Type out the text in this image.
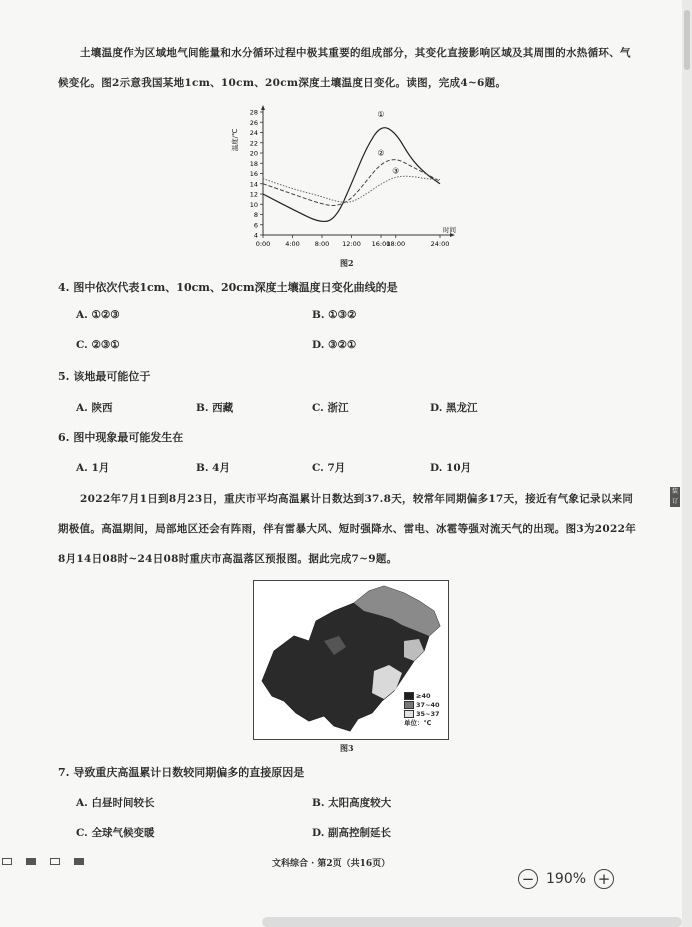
土壤温度作为区域地气间能量和水分循环过程中极其重要的组成部分，其变化直接影响区域及其周围的水热循环、气候变化。图2示意我国某地1cm、10cm、20cm深度土壤温度日变化。读图，完成4~6题。
4
6
8
10
12
14
16
18
20
22
24
26
28
0:00 4:00 8:00 12:00 16:00
18:00	24:00
温度/℃
时间
①
②
③
图2
4. 图中依次代表1cm、10cm、20cm深度土壤温度日变化曲线的是
A. ①②③	B. ①③②
C. ②③①	D. ③②①
5. 该地最可能位于
A. 陕西	B. 西藏	C. 浙江	D. 黑龙江
6. 图中现象最可能发生在
A. 1月	B. 4月	C. 7月	D. 10月
2022年7月1日到8月23日，重庆市平均高温累计日数达到37.8天，较常年同期偏多17天，接近有气象记录以来同期极值。高温期间，局部地区还会有阵雨，伴有雷暴大风、短时强降水、雷电、冰雹等强对流天气的出现。图3为2022年8月14日08时~24日08时重庆市高温落区预报图。据此完成7~9题。
≥40
37~40
35~37
单位：℃
图3
7. 导致重庆高温累计日数较同期偏多的直接原因是
A. 白昼时间较长	B. 太阳高度较大
C. 全球气候变暖	D. 副高控制延长
文科综合 · 第2页（共16页）
装订
− 190% +
